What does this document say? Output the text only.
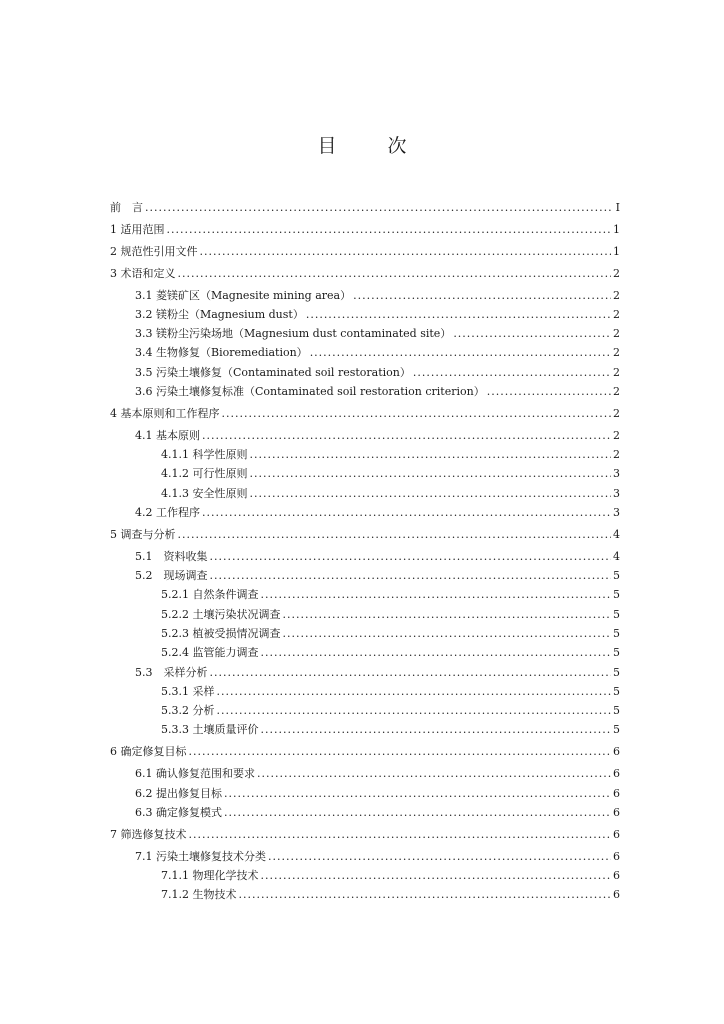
目　次
前　言 .....	I
1 适用范围 .....	1
2 规范性引用文件 .....	1
3 术语和定义 .....	2
3.1 菱镁矿区（Magnesite mining area） .....	2
3.2 镁粉尘（Magnesium dust） .....	2
3.3 镁粉尘污染场地（Magnesium dust contaminated site） .....	2
3.4 生物修复（Bioremediation） .....	2
3.5 污染土壤修复（Contaminated soil restoration） .....	2
3.6 污染土壤修复标准（Contaminated soil restoration criterion） .....	2
4 基本原则和工作程序 .....	2
4.1 基本原则 .....	2
4.1.1 科学性原则 .....	2
4.1.2 可行性原则 .....	3
4.1.3 安全性原则 .....	3
4.2 工作程序 .....	3
5 调查与分析 .....	4
5.1　资料收集 .....	4
5.2　现场调查 .....	5
5.2.1 自然条件调查 .....	5
5.2.2 土壤污染状况调查 .....	5
5.2.3 植被受损情况调查 .....	5
5.2.4 监管能力调查 .....	5
5.3　采样分析 .....	5
5.3.1 采样 .....	5
5.3.2 分析 .....	5
5.3.3 土壤质量评价 .....	5
6 确定修复目标 .....	6
6.1 确认修复范围和要求 .....	6
6.2 提出修复目标 .....	6
6.3 确定修复模式 .....	6
7 筛选修复技术 .....	6
7.1 污染土壤修复技术分类 .....	6
7.1.1 物理化学技术 .....	6
7.1.2 生物技术 .....	6
